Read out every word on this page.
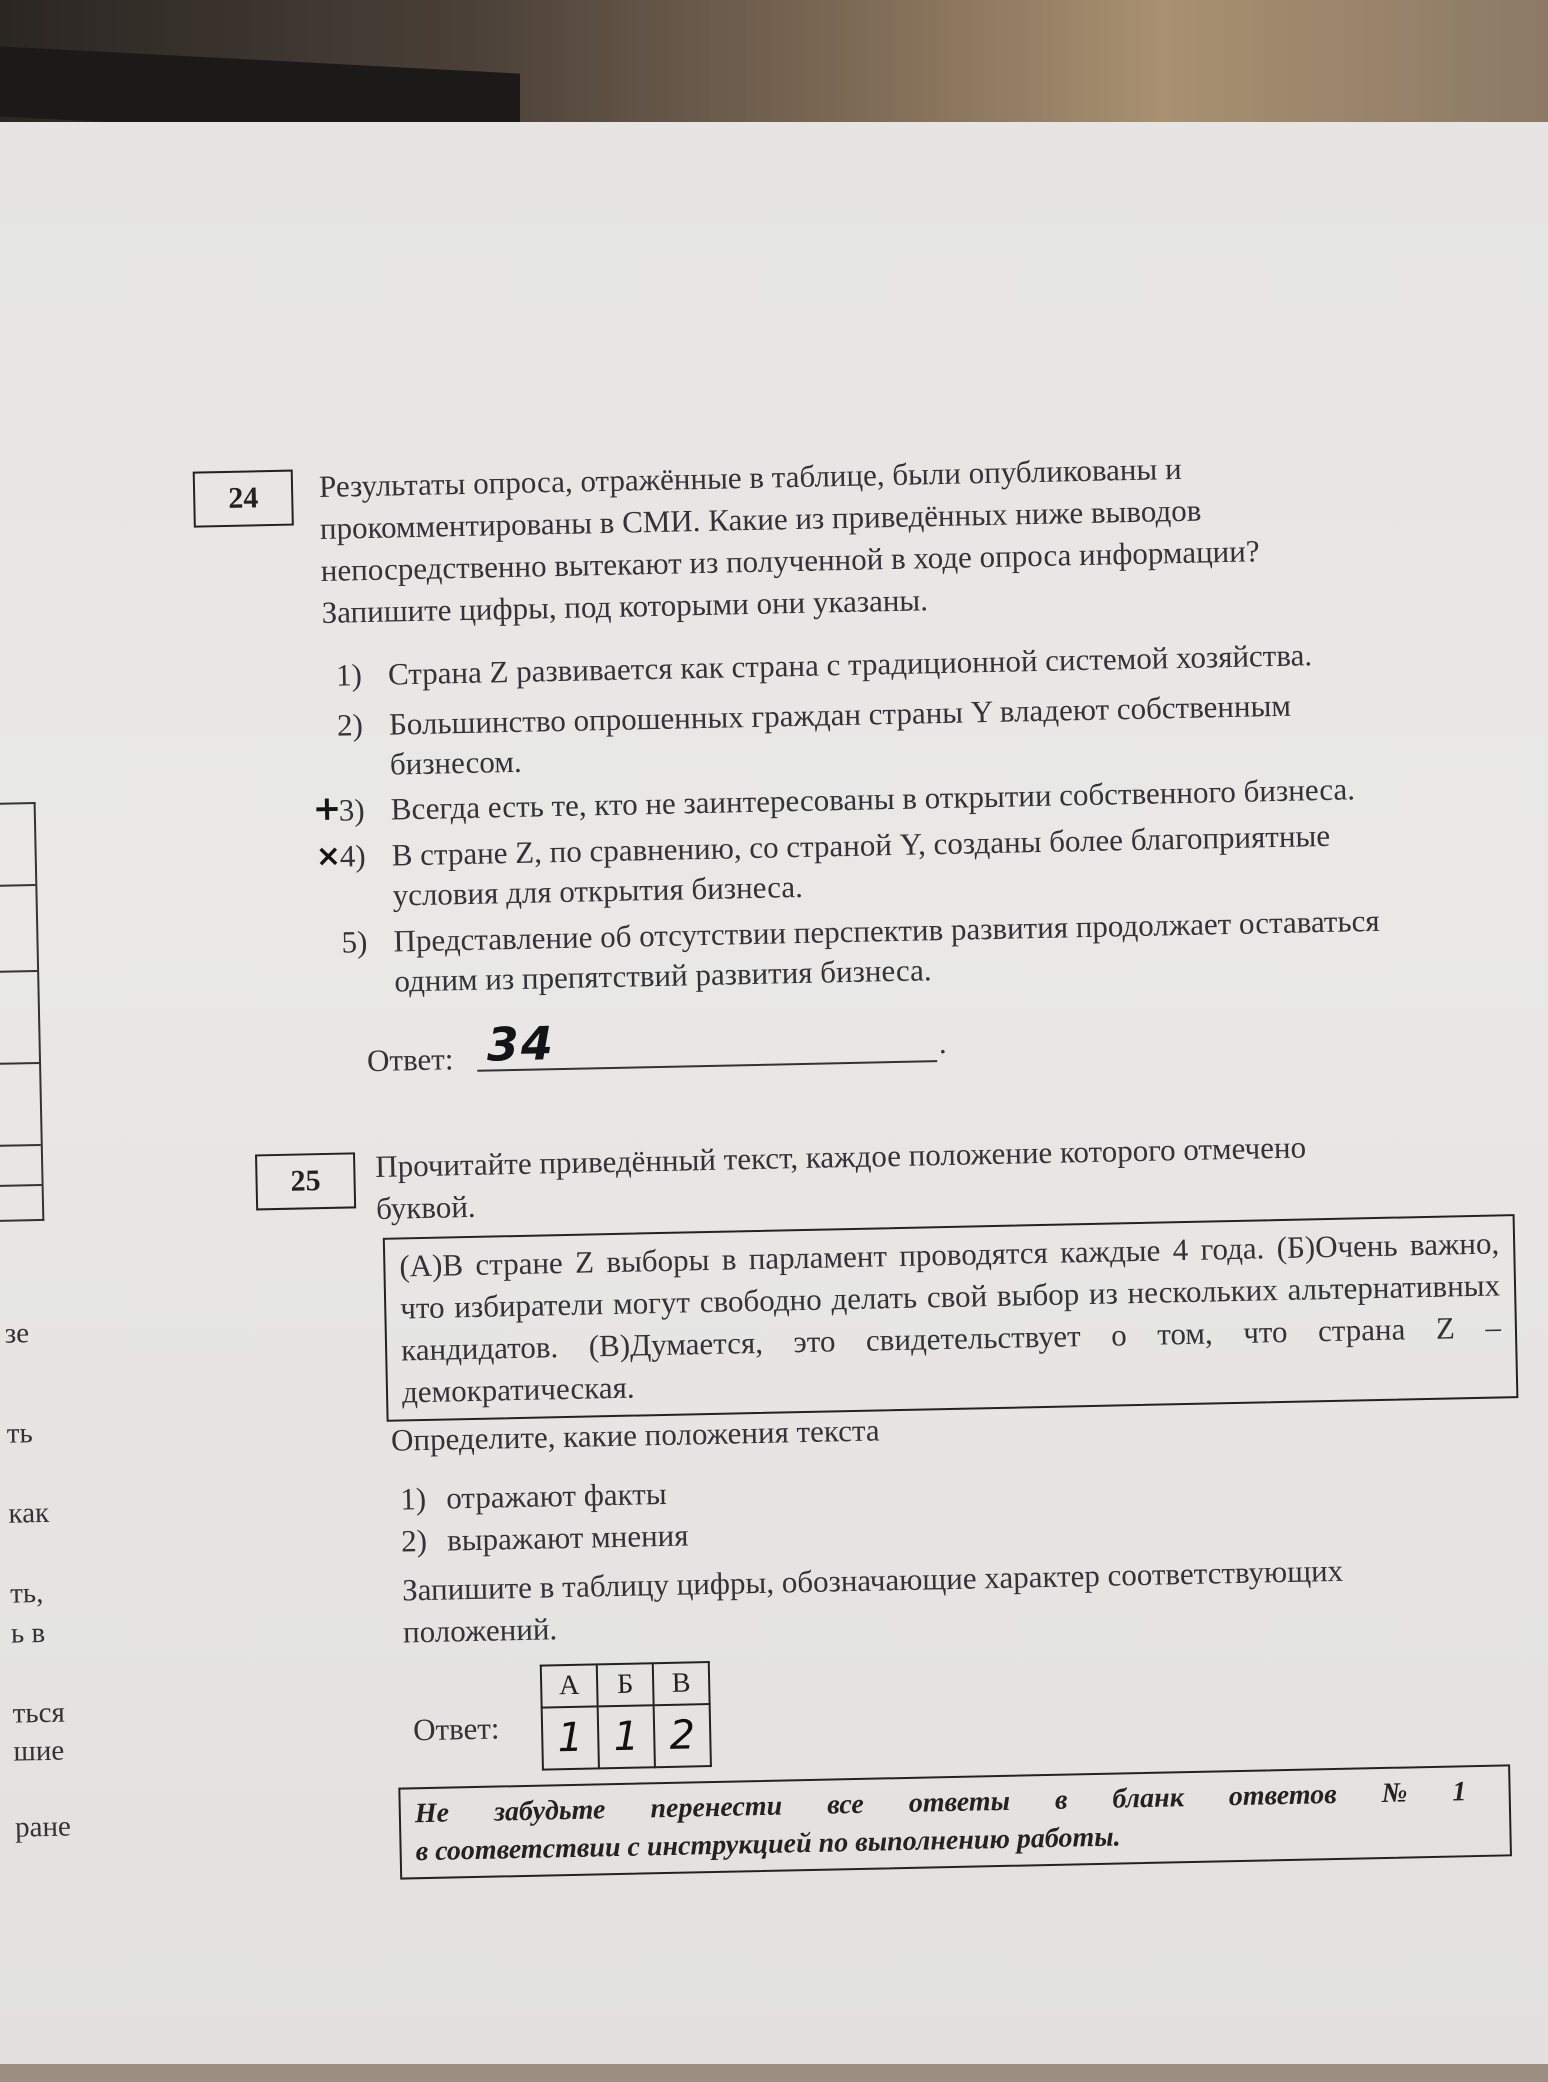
зе
ть
как
ть,
ь в
ться
шие
ране
24	Результаты опроса, отражённые в таблице, были опубликованы и
прокомментированы в СМИ. Какие из приведённых ниже выводов
непосредственно вытекают из полученной в ходе опроса информации?
Запишите цифры, под которыми они указаны.
1) Страна Z развивается как страна с традиционной системой хозяйства.
2) Большинство опрошенных граждан страны Y владеют собственным
бизнесом.
+
3) Всегда есть те, кто не заинтересованы в открытии собственного бизнеса.
×
4) В стране Z, по сравнению, со страной Y, созданы более благоприятные
условия для открытия бизнеса.
5) Представление об отсутствии перспектив развития продолжает оставаться
одним из препятствий развития бизнеса.
Ответ: 34	.
25	Прочитайте приведённый текст, каждое положение которого отмечено
буквой.
(А)В стране Z выборы в парламент проводятся каждые 4 года. (Б)Очень важно, что избиратели могут свободно делать свой выбор из нескольких альтернативных кандидатов. (В)Думается, это свидетельствует о том, что страна Z – демократическая.
Определите, какие положения текста
1) отражают факты
2) выражают мнения
Запишите в таблицу цифры, обозначающие характер соответствующих
положений.
Ответ:
А	Б	В
1	1	2
Не забудьте перенести все ответы в бланк ответов № 1
в соответствии с инструкцией по выполнению работы.
